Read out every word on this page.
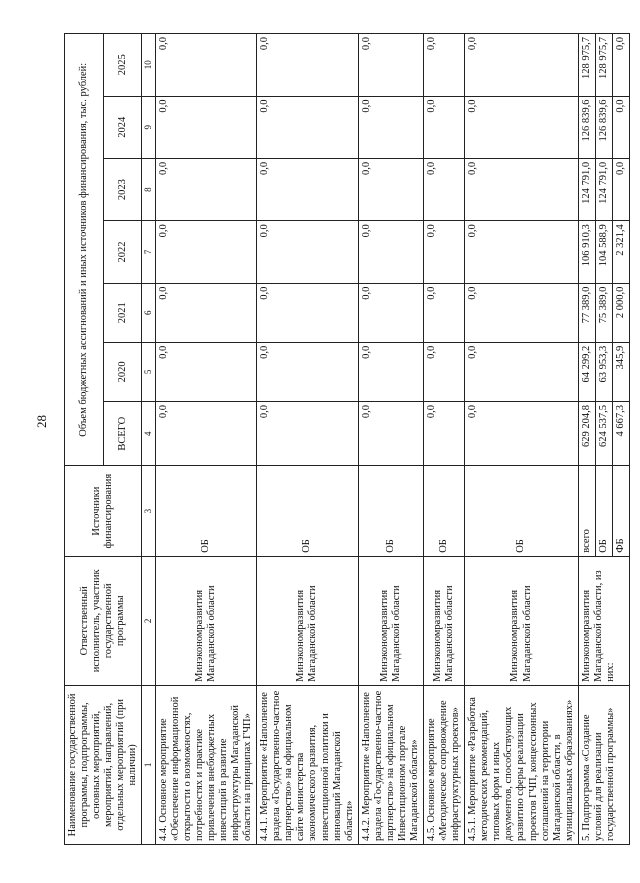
28
Наименование государственной программы, подпрограммы, основных мероприятий, мероприятий, направлений, отдельных мероприятий (при наличии)	Ответственный исполнитель, участник государственной программы	Источники финансирования	Объем бюджетных ассигнований и иных источников финансирования, тыс. рублей:						
			ВСЕГО	2020	2021	2022	2023	2024	2025
1	2	3	4	5	6	7	8	9	10
4.4. Основное мероприятие «Обеспечение информационной открытости о возможностях, потребностях и практике привлечения внебюджетных инвестиций в развитие инфраструктуры Магаданской области на принципах ГЧП»	Минэкономразвития Магаданской области	ОБ	0,0	0,0	0,0	0,0	0,0	0,0	0,0
4.4.1. Мероприятие «Наполнение раздела «Государственно-частное партнерство» на официальном сайте министерства экономического развития, инвестиционной политики и инноваций Магаданской области»	Минэкономразвития Магаданской области	ОБ	0,0	0,0	0,0	0,0	0,0	0,0	0,0
4.4.2. Мероприятие «Наполнение раздела «Государственно-частное партнерство» на официальном Инвестиционном портале Магаданской области»	Минэкономразвития Магаданской области	ОБ	0,0	0,0	0,0	0,0	0,0	0,0	0,0
4.5. Основное мероприятие «Методическое сопровождение инфраструктурных проектов»	Минэкономразвития Магаданской области	ОБ	0,0	0,0	0,0	0,0	0,0	0,0	0,0
4.5.1. Мероприятие «Разработка методических рекомендаций, типовых форм и иных документов, способствующих развитию сферы реализации проектов ГЧП, концессионных соглашений на территории Магаданской области, в муниципальных образованиях»	Минэкономразвития Магаданской области	ОБ	0,0	0,0	0,0	0,0	0,0	0,0	0,0
5. Подпрограмма «Создание условий для реализации государственной программы»	Минэкономразвития Магаданской области, из них:	всего	629 204,8	64 299,2	77 389,0	106 910,3	124 791,0	126 839,6	128 975,7
		ОБ	624 537,5	63 953,3	75 389,0	104 588,9	124 791,0	126 839,6	128 975,7
		ФБ	4 667,3	345,9	2 000,0	2 321,4	0,0	0,0	0,0
